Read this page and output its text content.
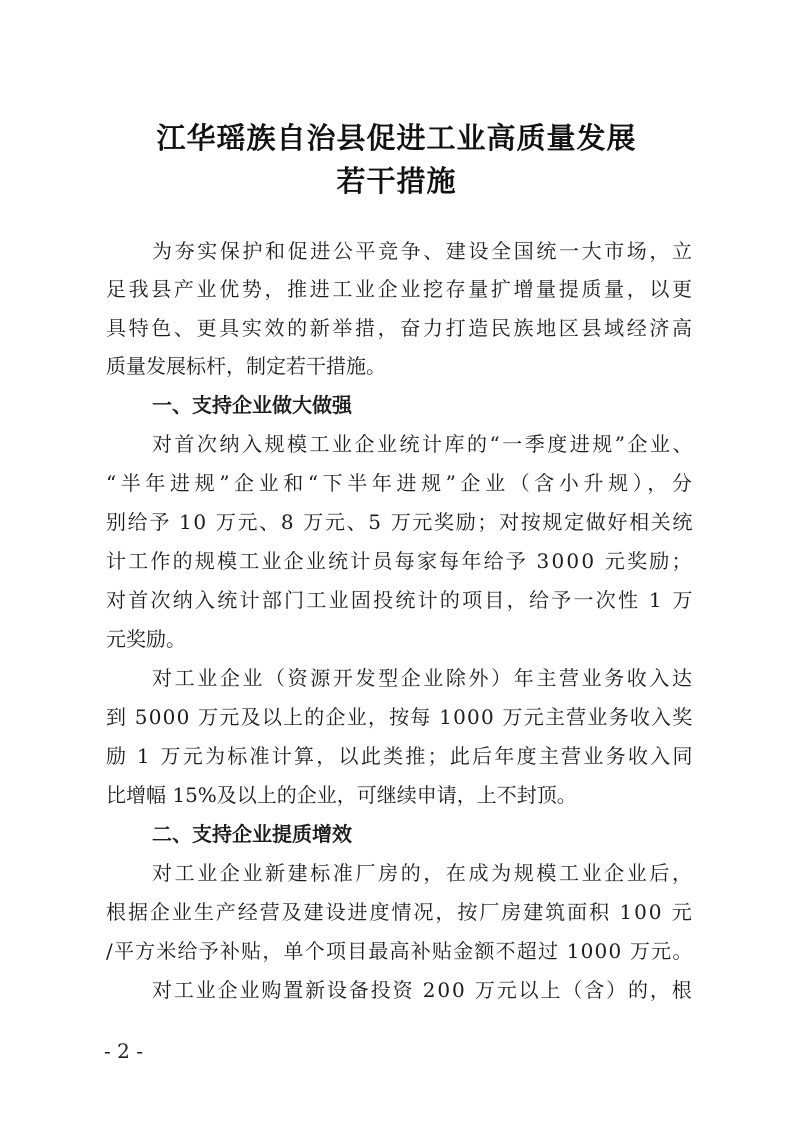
江华瑶族自治县促进工业高质量发展
若干措施
为夯实保护和促进公平竞争、建设全国统一大市场，立
足我县产业优势，推进工业企业挖存量扩增量提质量，以更
具特色、更具实效的新举措，奋力打造民族地区县域经济高
质量发展标杆，制定若干措施。
一、支持企业做大做强
对首次纳入规模工业企业统计库的“一季度进规”企业、
“半年进规”企业和“下半年进规”企业（含小升规），分
别给予 10 万元、8 万元、5 万元奖励；对按规定做好相关统
计工作的规模工业企业统计员每家每年给予 3000 元奖励；
对首次纳入统计部门工业固投统计的项目，给予一次性 1 万
元奖励。
对工业企业（资源开发型企业除外）年主营业务收入达
到 5000 万元及以上的企业，按每 1000 万元主营业务收入奖
励 1 万元为标准计算，以此类推；此后年度主营业务收入同
比增幅 15%及以上的企业，可继续申请，上不封顶。
二、支持企业提质增效
对工业企业新建标准厂房的，在成为规模工业企业后，
根据企业生产经营及建设进度情况，按厂房建筑面积 100 元
/平方米给予补贴，单个项目最高补贴金额不超过 1000 万元。
对工业企业购置新设备投资 200 万元以上（含）的，根
- 2 -
